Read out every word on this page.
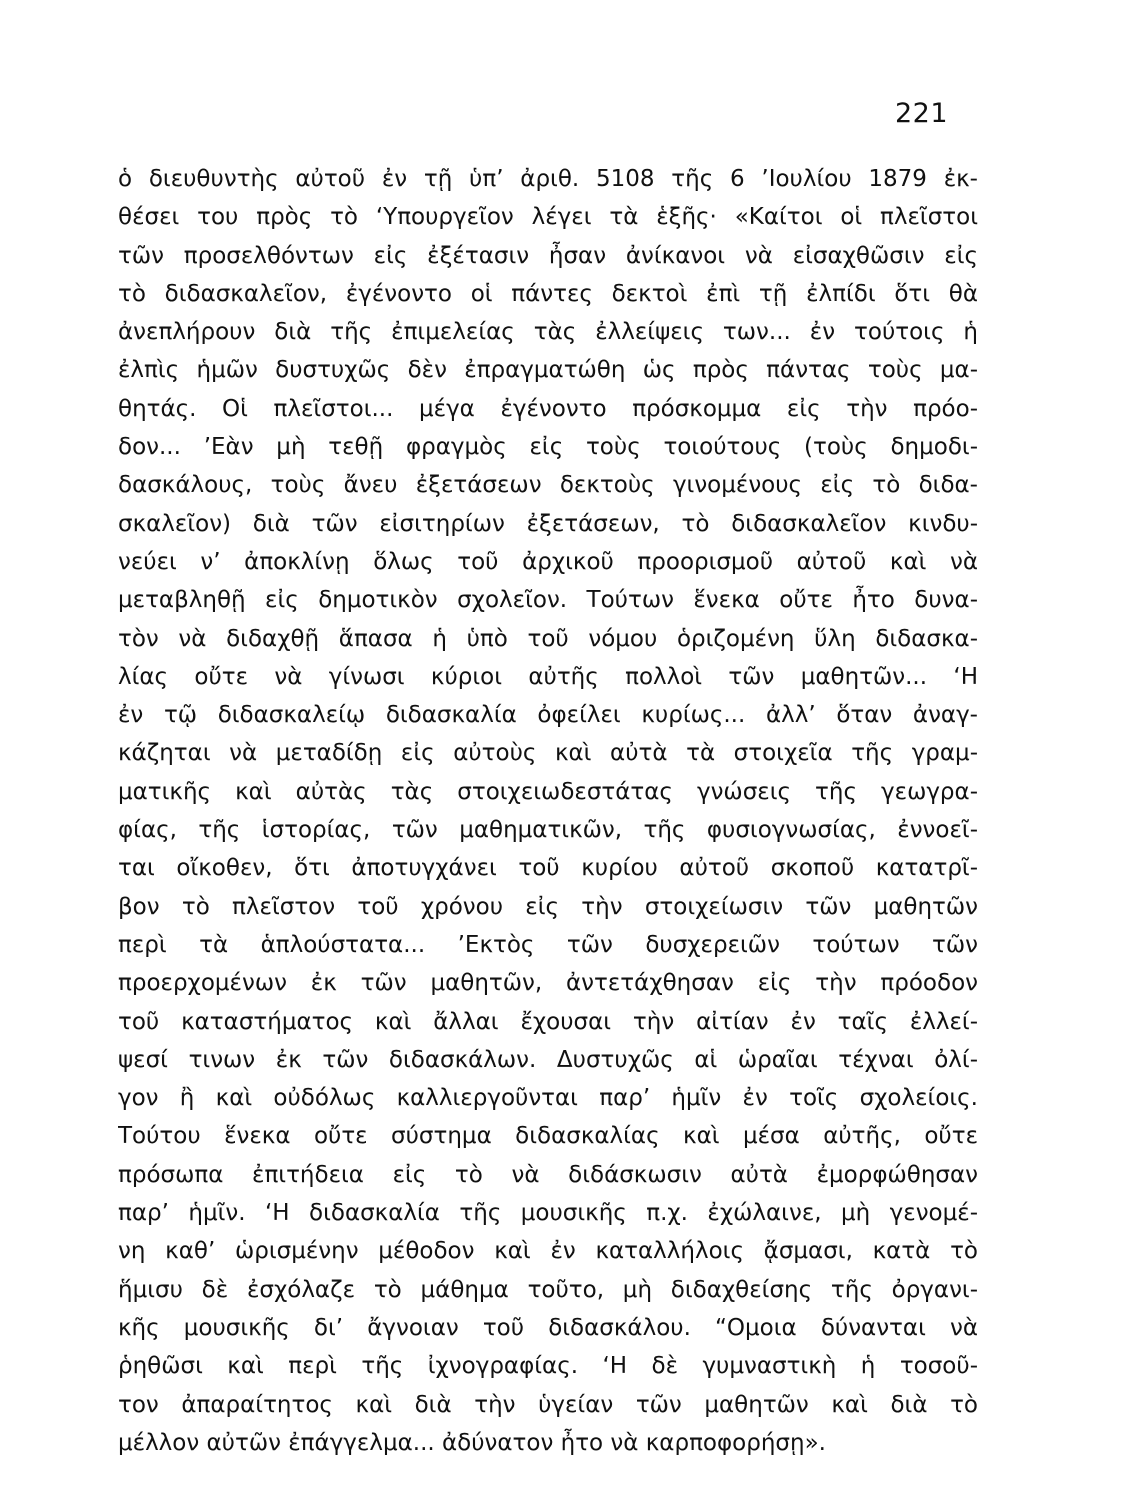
221
ὁ διευθυντὴς αὐτοῦ ἐν τῇ ὑπ’ ἀριθ. 5108 τῆς 6 ’Ιουλίου 1879 ἐκ-
θέσει του πρὸς τὸ ‘Υπουργεῖον λέγει τὰ ἑξῆς· «Καίτοι οἱ πλεῖστοι
τῶν προσελθόντων εἰς ἐξέτασιν ἦσαν ἀνίκανοι νὰ εἰσαχθῶσιν εἰς
τὸ διδασκαλεῖον, ἐγένοντο οἱ πάντες δεκτοὶ ἐπὶ τῇ ἐλπίδι ὅτι θὰ
ἀνεπλήρουν διὰ τῆς ἐπιμελείας τὰς ἐλλείψεις των... ἐν τούτοις ἡ
ἐλπὶς ἡμῶν δυστυχῶς δὲν ἐπραγματώθη ὡς πρὸς πάντας τοὺς μα-
θητάς. Οἱ πλεῖστοι... μέγα ἐγένοντο πρόσκομμα εἰς τὴν πρόο-
δον... ’Εὰν μὴ τεθῇ φραγμὸς εἰς τοὺς τοιούτους (τοὺς δημοδι-
δασκάλους, τοὺς ἄνευ ἐξετάσεων δεκτοὺς γινομένους εἰς τὸ διδα-
σκαλεῖον) διὰ τῶν εἰσιτηρίων ἐξετάσεων, τὸ διδασκαλεῖον κινδυ-
νεύει ν’ ἀποκλίνῃ ὅλως τοῦ ἀρχικοῦ προορισμοῦ αὐτοῦ καὶ νὰ
μεταβληθῇ εἰς δημοτικὸν σχολεῖον. Τούτων ἕνεκα οὔτε ἦτο δυνα-
τὸν νὰ διδαχθῇ ἅπασα ἡ ὑπὸ τοῦ νόμου ὁριζομένη ὕλη διδασκα-
λίας οὔτε νὰ γίνωσι κύριοι αὐτῆς πολλοὶ τῶν μαθητῶν... ‘Η
ἐν τῷ διδασκαλείῳ διδασκαλία ὀφείλει κυρίως... ἀλλ’ ὅταν ἀναγ-
κάζηται νὰ μεταδίδῃ εἰς αὐτοὺς καὶ αὐτὰ τὰ στοιχεῖα τῆς γραμ-
ματικῆς καὶ αὐτὰς τὰς στοιχειωδεστάτας γνώσεις τῆς γεωγρα-
φίας, τῆς ἱστορίας, τῶν μαθηματικῶν, τῆς φυσιογνωσίας, ἐννοεῖ-
ται οἴκοθεν, ὅτι ἀποτυγχάνει τοῦ κυρίου αὐτοῦ σκοποῦ κατατρῖ-
βον τὸ πλεῖστον τοῦ χρόνου εἰς τὴν στοιχείωσιν τῶν μαθητῶν
περὶ τὰ ἁπλούστατα... ’Εκτὸς τῶν δυσχερειῶν τούτων τῶν
προερχομένων ἐκ τῶν μαθητῶν, ἀντετάχθησαν εἰς τὴν πρόοδον
τοῦ καταστήματος καὶ ἄλλαι ἔχουσαι τὴν αἰτίαν ἐν ταῖς ἐλλεί-
ψεσί τινων ἐκ τῶν διδασκάλων. Δυστυχῶς αἱ ὡραῖαι τέχναι ὀλί-
γον ἢ καὶ οὐδόλως καλλιεργοῦνται παρ’ ἡμῖν ἐν τοῖς σχολείοις.
Τούτου ἕνεκα οὔτε σύστημα διδασκαλίας καὶ μέσα αὐτῆς, οὔτε
πρόσωπα ἐπιτήδεια εἰς τὸ νὰ διδάσκωσιν αὐτὰ ἐμορφώθησαν
παρ’ ἡμῖν. ‘Η διδασκαλία τῆς μουσικῆς π.χ. ἐχώλαινε, μὴ γενομέ-
νη καθ’ ὡρισμένην μέθοδον καὶ ἐν καταλλήλοις ᾄσμασι, κατὰ τὸ
ἥμισυ δὲ ἐσχόλαζε τὸ μάθημα τοῦτο, μὴ διδαχθείσης τῆς ὀργανι-
κῆς μουσικῆς δι’ ἄγνοιαν τοῦ διδασκάλου. “Ομοια δύνανται νὰ
ῥηθῶσι καὶ περὶ τῆς ἰχνογραφίας. ‘Η δὲ γυμναστικὴ ἡ τοσοῦ-
τον ἀπαραίτητος καὶ διὰ τὴν ὑγείαν τῶν μαθητῶν καὶ διὰ τὸ
μέλλον αὐτῶν ἐπάγγελμα... ἀδύνατον ἦτο νὰ καρποφορήσῃ».
